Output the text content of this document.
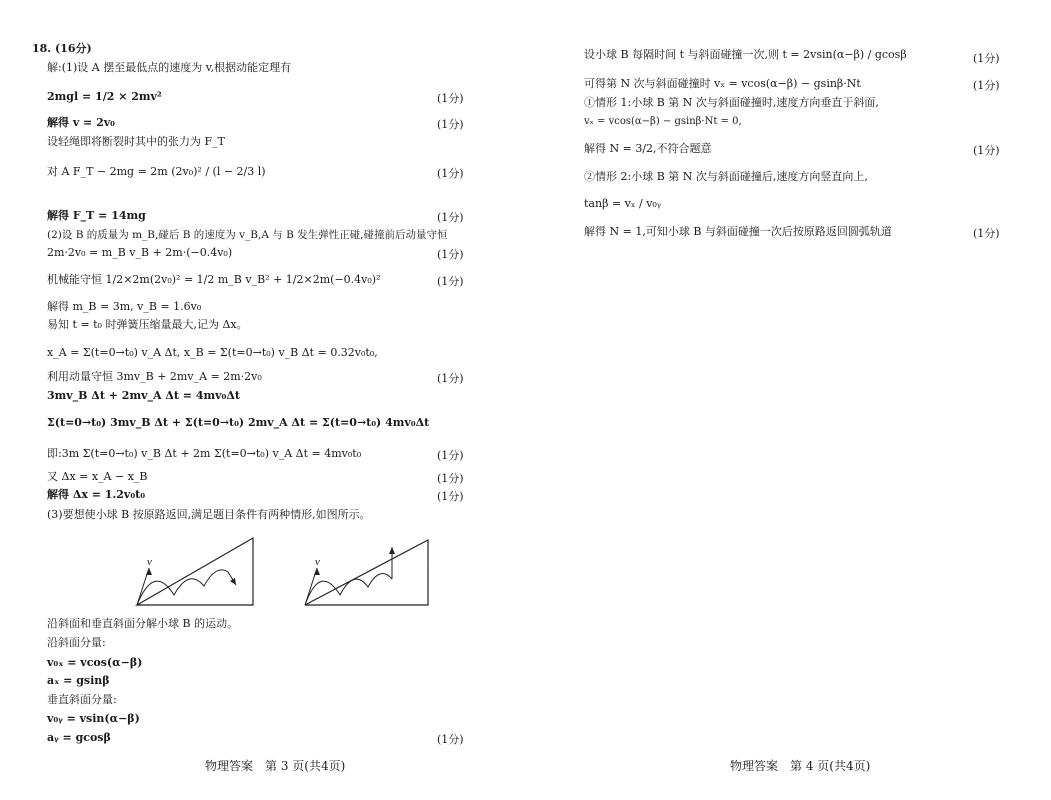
18. (16分)
解:(1)设 A 摆至最低点的速度为 v,根据动能定理有
2mgl = 1/2 × 2mv²
解得 v = 2v₀
设轻绳即将断裂时其中的张力为 F_T
对 A F_T − 2mg = 2m (2v₀)² / (l − 2/3 l)
解得 F_T = 14mg
(2)设 B 的质量为 m_B,碰后 B 的速度为 v_B,A 与 B 发生弹性正碰,碰撞前后动量守恒
2m·2v₀ = m_B v_B + 2m·(−0.4v₀)
机械能守恒 1/2×2m(2v₀)² = 1/2 m_B v_B² + 1/2×2m(−0.4v₀)²
解得 m_B = 3m, v_B = 1.6v₀
易知 t = t₀ 时弹簧压缩量最大,记为 Δx。
x_A = Σ(t=0→t₀) v_A Δt, x_B = Σ(t=0→t₀) v_B Δt = 0.32v₀t₀,
利用动量守恒 3mv_B + 2mv_A = 2m·2v₀
3mv_B Δt + 2mv_A Δt = 4mv₀Δt
Σ(t=0→t₀) 3mv_B Δt + Σ(t=0→t₀) 2mv_A Δt = Σ(t=0→t₀) 4mv₀Δt
即:3m Σ(t=0→t₀) v_B Δt + 2m Σ(t=0→t₀) v_A Δt = 4mv₀t₀
又 Δx = x_A − x_B
解得 Δx = 1.2v₀t₀
(3)要想使小球 B 按原路返回,满足题目条件有两种情形,如图所示。
v	v
沿斜面和垂直斜面分解小球 B 的运动。
沿斜面分量:
v₀ₓ = vcos(α−β)
aₓ = gsinβ
垂直斜面分量:
v₀ᵧ = vsin(α−β)
aᵧ = gcosβ
(1分)
(1分)
(1分)
(1分)
(1分)
(1分)
(1分)
(1分)
(1分)
(1分)
(1分)
物理答案　第 3 页(共4页)
设小球 B 每隔时间 t 与斜面碰撞一次,则 t = 2vsin(α−β) / gcosβ
可得第 N 次与斜面碰撞时 vₓ = vcos(α−β) − gsinβ·Nt
①情形 1:小球 B 第 N 次与斜面碰撞时,速度方向垂直于斜面,
vₓ = vcos(α−β) − gsinβ·Nt = 0,
解得 N = 3/2,不符合题意
②情形 2:小球 B 第 N 次与斜面碰撞后,速度方向竖直向上,
tanβ = vₓ / v₀ᵧ
解得 N = 1,可知小球 B 与斜面碰撞一次后按原路返回圆弧轨道
(1分)
(1分)
(1分)
(1分)
物理答案　第 4 页(共4页)
